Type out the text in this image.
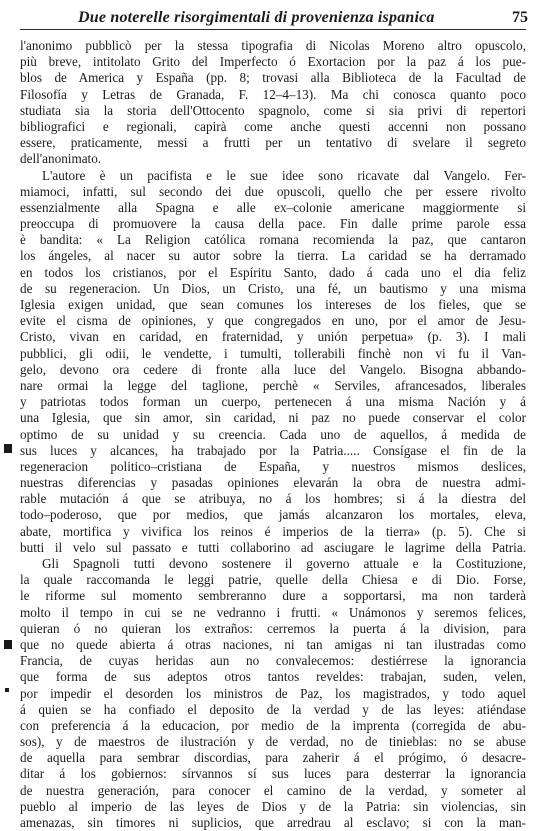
Due noterelle risorgimentali di provenienza ispanica	75
l'anonimo pubblicò per la stessa tipografia di Nicolas Moreno altro opuscolo,
più breve, intitolato Grito del Imperfecto ó Exortacion por la paz á los pue-
blos de America y España (pp. 8; trovasi alla Biblioteca de la Facultad de
Filosofía y Letras de Granada, F. 12–4–13). Ma chi conosca quanto poco
studiata sia la storia dell'Ottocento spagnolo, come si sia privi di repertori
bibliografici e regionali, capirà come anche questi accenni non possano
essere, praticamente, messi a frutti per un tentativo di svelare il segreto
dell'anonimato.
L'autore è un pacifista e le sue idee sono ricavate dal Vangelo. Fer-
miamoci, infatti, sul secondo dei due opuscoli, quello che per essere rivolto
essenzialmente alla Spagna e alle ex–colonie americane maggiormente si
preoccupa di promuovere la causa della pace. Fin dalle prime parole essa
è bandita: « La Religion católica romana recomienda la paz, que cantaron
los ángeles, al nacer su autor sobre la tierra. La caridad se ha derramado
en todos los cristianos, por el Espíritu Santo, dado á cada uno el dia feliz
de su regeneracion. Un Dios, un Cristo, una fé, un bautismo y una misma
Iglesia exigen unidad, que sean comunes los intereses de los fieles, que se
evite el cisma de opiniones, y que congregados en uno, por el amor de Jesu-
Cristo, vivan en caridad, en fraternidad, y unión perpetua» (p. 3). I mali
pubblici, gli odii, le vendette, i tumulti, tollerabili finchè non vi fu il Van-
gelo, devono ora cedere di fronte alla luce del Vangelo. Bisogna abbando-
nare ormai la legge del taglione, perchè « Serviles, afrancesados, liberales
y patriotas todos forman un cuerpo, pertenecen á una misma Nación y á
una Iglesia, que sin amor, sin caridad, ni paz no puede conservar el color
optimo de su unidad y su creencia. Cada uno de aquellos, á medida de
sus luces y alcances, ha trabajado por la Patria..... Consígase el fin de la
regeneracion politico–cristiana de España, y nuestros mismos deslices,
nuestras diferencias y pasadas opiniones elevarán la obra de nuestra admi-
rable mutación á que se atribuya, no á los hombres; si á la diestra del
todo–poderoso, que por medios, que jamás alcanzaron los mortales, eleva,
abate, mortifica y vivifica los reinos é imperios de la tierra» (p. 5). Che si
butti il velo sul passato e tutti collaborino ad asciugare le lagrime della Patria.
Gli Spagnoli tutti devono sostenere il governo attuale e la Costituzione,
la quale raccomanda le leggi patrie, quelle della Chiesa e di Dio. Forse,
le riforme sul momento sembreranno dure a sopportarsi, ma non tarderà
molto il tempo in cui se ne vedranno i frutti. « Unámonos y seremos felices,
quieran ó no quieran los extraños: cerremos la puerta á la division, para
que no quede abierta á otras naciones, ni tan amigas ni tan ilustradas como
Francia, de cuyas heridas aun no convalecemos: destiérrese la ignorancia
que forma de sus adeptos otros tantos reveldes: trabajan, suden, velen,
por impedir el desorden los ministros de Paz, los magistrados, y todo aquel
á quien se ha confiado el deposito de la verdad y de las leyes: atiéndase
con preferencia á la educacion, por medio de la imprenta (corregida de abu-
sos), y de maestros de ilustración y de verdad, no de tinieblas: no se abuse
de aquella para sembrar discordias, para zaherir á el prógimo, ó desacre-
ditar á los gobiernos: sírvannos sí sus luces para desterrar la ignorancia
de nuestra generación, para conocer el camino de la verdad, y someter al
pueblo al imperio de las leyes de Dios y de la Patria: sin violencias, sin
amenazas, sin timores ni suplicios, que arredrau al esclavo; si con la man-
